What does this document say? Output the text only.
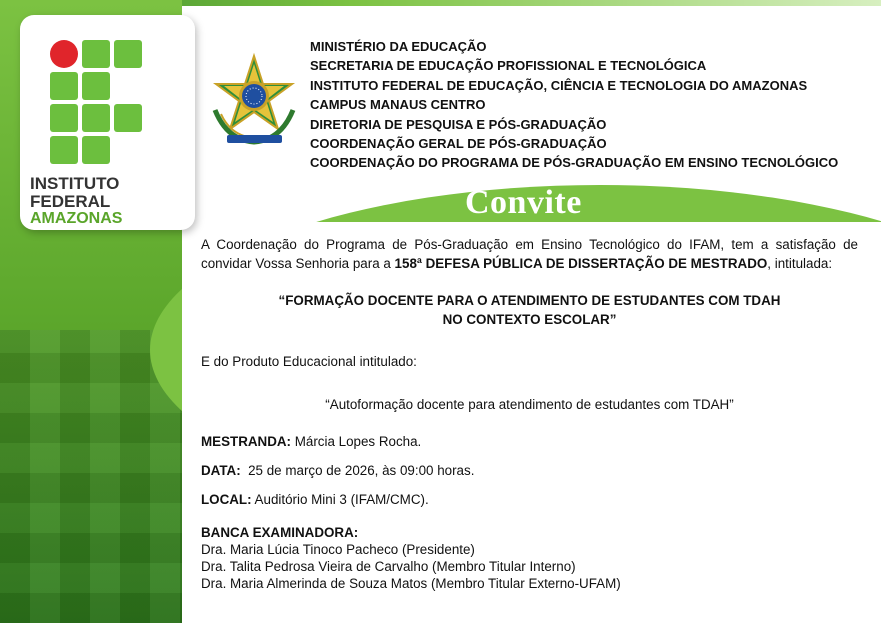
INSTITUTO
FEDERAL
AMAZONAS
MINISTÉRIO DA EDUCAÇÃO
SECRETARIA DE EDUCAÇÃO PROFISSIONAL E TECNOLÓGICA
INSTITUTO FEDERAL DE EDUCAÇÃO, CIÊNCIA E TECNOLOGIA DO AMAZONAS
CAMPUS MANAUS CENTRO
DIRETORIA DE PESQUISA E PÓS-GRADUAÇÃO
COORDENAÇÃO GERAL DE PÓS-GRADUAÇÃO
COORDENAÇÃO DO PROGRAMA DE PÓS-GRADUAÇÃO EM ENSINO TECNOLÓGICO
Convite
A Coordenação do Programa de Pós-Graduação em Ensino Tecnológico do IFAM, tem a satisfação de convidar Vossa Senhoria para a 158ª DEFESA PÚBLICA DE DISSERTAÇÃO DE MESTRADO, intitulada:
“FORMAÇÃO DOCENTE PARA O ATENDIMENTO DE ESTUDANTES COM TDAH
NO CONTEXTO ESCOLAR”
E do Produto Educacional intitulado:
“Autoformação docente para atendimento de estudantes com TDAH”
MESTRANDA: Márcia Lopes Rocha.
DATA:  25 de março de 2026, às 09:00 horas.
LOCAL: Auditório Mini 3 (IFAM/CMC).
BANCA EXAMINADORA:
Dra. Maria Lúcia Tinoco Pacheco (Presidente)
Dra. Talita Pedrosa Vieira de Carvalho (Membro Titular Interno)
Dra. Maria Almerinda de Souza Matos (Membro Titular Externo-UFAM)
